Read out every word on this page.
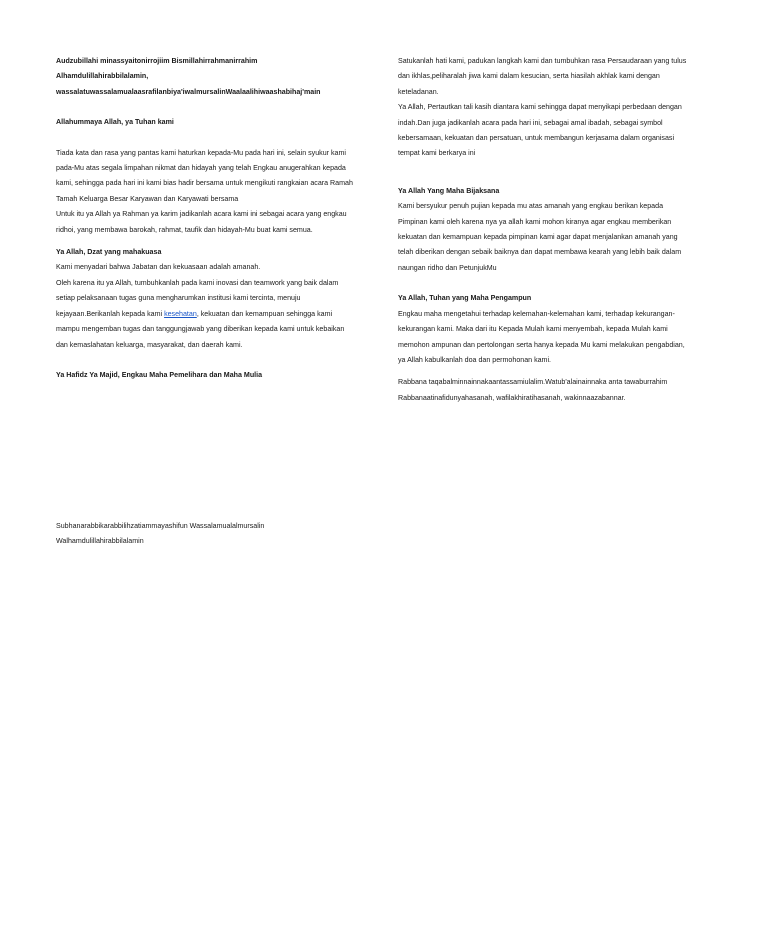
Audzubillahi minassyaitonirrojiim Bismillahirrahmanirrahim

Alhamdulillahirabbilalamin,

wassalatuwassalamualaasrafilanbiya'iwalmursalinWaalaalihiwaashabihaj'main

Allahummaya Allah, ya Tuhan kami

Tiada kata dan rasa yang pantas kami haturkan kepada-Mu pada hari ini, selain syukur kami

pada-Mu atas segala limpahan nikmat dan hidayah yang telah Engkau anugerahkan kepada

kami, sehingga pada hari ini kami bias hadir bersama untuk mengikuti rangkaian acara Ramah

Tamah Keluarga Besar Karyawan dan Karyawati bersama

Untuk itu ya Allah ya Rahman ya karim jadikanlah acara kami ini sebagai acara yang engkau

ridhoi, yang membawa barokah, rahmat, taufik dan hidayah-Mu buat kami semua.

Ya Allah, Dzat yang mahakuasa

Kami menyadari bahwa Jabatan dan kekuasaan adalah amanah.

Oleh karena itu ya Allah, tumbuhkanlah pada kami inovasi dan teamwork yang baik dalam

setiap pelaksanaan tugas guna mengharumkan institusi kami tercinta, menuju

kejayaan.Berikanlah kepada kami kesehatan, kekuatan dan kemampuan sehingga kami

mampu mengemban tugas dan tanggungjawab yang diberikan kepada kami untuk kebaikan

dan kemaslahatan keluarga, masyarakat, dan daerah kami.

Ya Hafidz Ya Majid, Engkau Maha Pemelihara dan Maha Mulia

Subhanarabbikarabbilihzatiammayashifun Wassalamualalmursalin

Walhamdulillahirabbilalamin

Satukanlah hati kami, padukan langkah kami dan tumbuhkan rasa Persaudaraan yang tulus

dan ikhlas,peliharalah jiwa kami dalam kesucian, serta hiasilah akhlak kami dengan

keteladanan.

Ya Allah, Pertautkan tali kasih diantara kami sehingga dapat menyikapi perbedaan dengan

indah.Dan juga jadikanlah acara pada hari ini, sebagai amal ibadah, sebagai symbol

kebersamaan, kekuatan dan persatuan, untuk membangun kerjasama dalam organisasi

tempat kami berkarya ini

Ya Allah Yang Maha Bijaksana

Kami bersyukur penuh pujian kepada mu atas amanah yang engkau berikan kepada

Pimpinan kami oleh karena nya ya allah kami mohon kiranya agar engkau memberikan

kekuatan dan kemampuan kepada pimpinan kami agar dapat menjalankan amanah yang

telah diberikan dengan sebaik baiknya dan dapat membawa kearah yang lebih baik dalam

naungan ridho dan PetunjukMu

Ya Allah, Tuhan yang Maha Pengampun

Engkau maha mengetahui terhadap kelemahan-kelemahan kami, terhadap kekurangan-

kekurangan kami. Maka dari itu Kepada Mulah kami menyembah, kepada Mulah kami

memohon ampunan dan pertolongan serta hanya kepada Mu kami melakukan pengabdian,

ya Allah kabulkanlah doa dan permohonan kami.

Rabbana taqabalminnainnakaantassamiulalim.Watub'alainainnaka anta tawaburrahim

Rabbanaatinafidunyahasanah, wafilakhiratihasanah, wakinnaazabannar.
